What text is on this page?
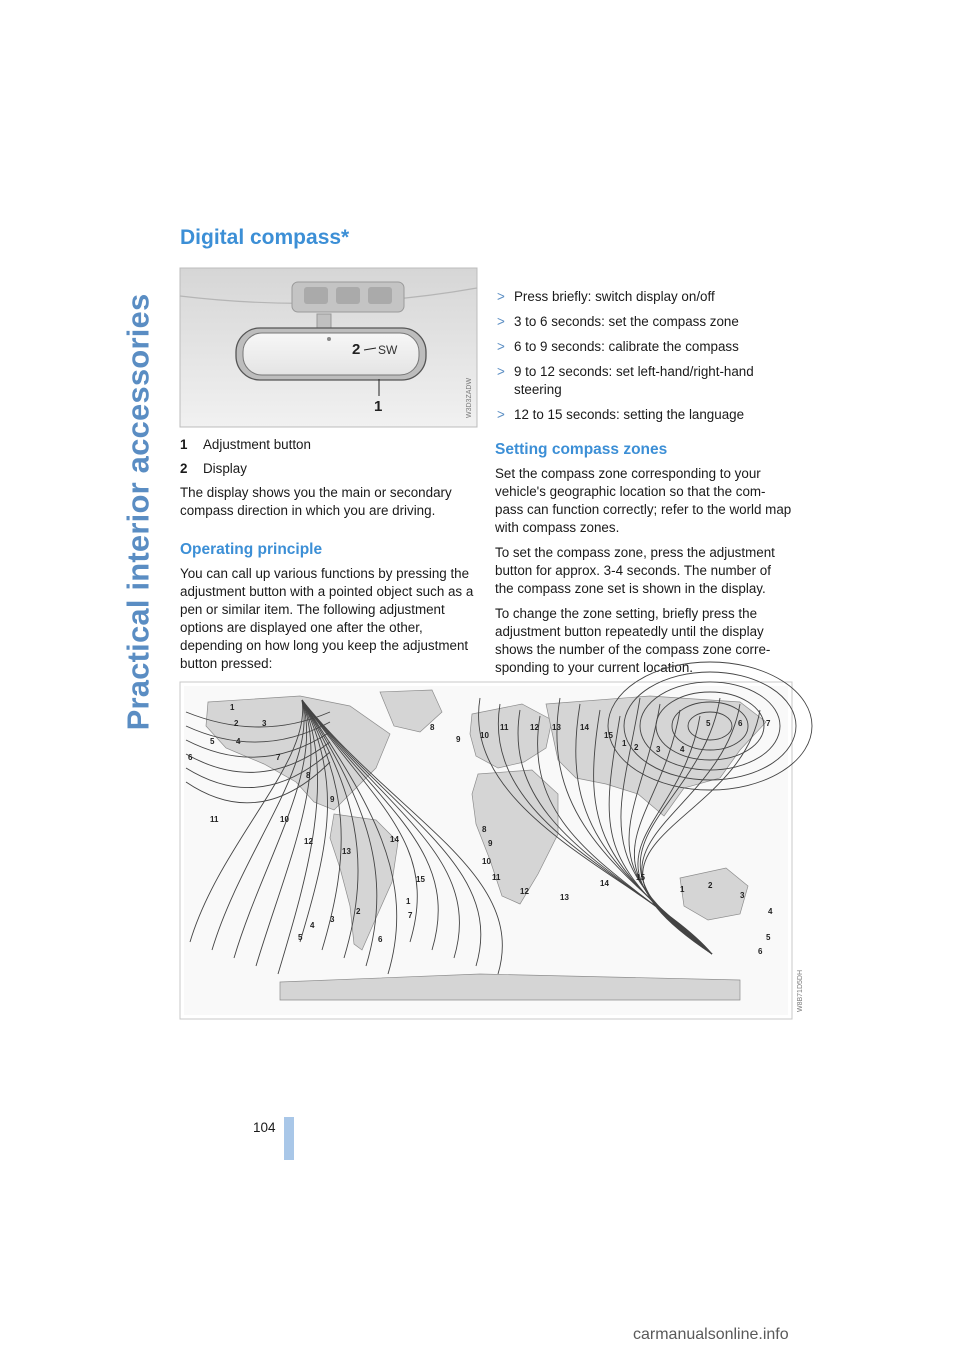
Practical interior accessories
Digital compass*
2 SW
1	W3D3ZADW
1	Adjustment button
2	Display

The display shows you the main or secondary compass direction in which you are driving.

Operating principle

You can call up various functions by pressing the adjustment button with a pointed object such as a pen or similar item. The following adjustment options are displayed one after the other, depending on how long you keep the adjustment button pressed:

> Press briefly: switch display on/off
> 3 to 6 seconds: set the compass zone
> 6 to 9 seconds: calibrate the compass
> 9 to 12 seconds: set left-hand/right-hand steering
> 12 to 15 seconds: setting the language
Setting compass zones

Set the compass zone corresponding to your vehicle's geographic location so that the com-pass can function correctly; refer to the world map with compass zones.

To set the compass zone, press the adjustment button for approx. 3-4 seconds. The number of the compass zone set is shown in the display.

To change the zone setting, briefly press the adjustment button repeatedly until the display shows the number of the compass zone corre-sponding to your current location.

1
2	3
4
5
6	7
8
9
10
11
12
13
14
15
1
2
3
4
5	6
7
8
9 10
11	12 13 14
15
1 2 3 4
5	6	7
8
9
10
11
12
13
14
15
1	2
3
4
5
6
W8B71D5DH
104
carmanualsonline.info
